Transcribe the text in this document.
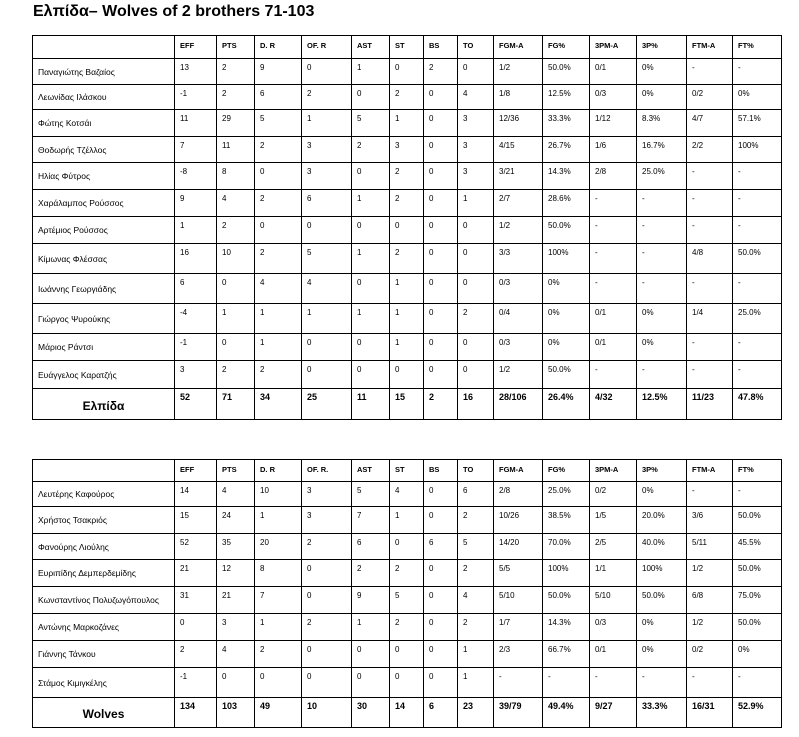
Ελπίδα– Wolves of 2 brothers 71-103
	EFF	PTS	D. R	OF. R	AST	ST	BS	TO	FGM-A	FG%	3PM-A	3P%	FTM-A	FT%
Παναγιώτης Βαζαίος	13	2	9	0	1	0	2	0	1/2	50.0%	0/1	0%	-	-
Λεωνίδας Ιλάσκου	-1	2	6	2	0	2	0	4	1/8	12.5%	0/3	0%	0/2	0%
Φώτης Κοτσάι	11	29	5	1	5	1	0	3	12/36	33.3%	1/12	8.3%	4/7	57.1%
Θοδωρής Τζέλλος	7	11	2	3	2	3	0	3	4/15	26.7%	1/6	16.7%	2/2	100%
Ηλίας Φύτρος	-8	8	0	3	0	2	0	3	3/21	14.3%	2/8	25.0%	-	-
Χαράλαμπος Ρούσσος	9	4	2	6	1	2	0	1	2/7	28.6%	-	-	-	-
Αρτέμιος Ρούσσος	1	2	0	0	0	0	0	0	1/2	50.0%	-	-	-	-
Κίμωνας Φλέσσας	16	10	2	5	1	2	0	0	3/3	100%	-	-	4/8	50.0%
Ιωάννης Γεωργιάδης	6	0	4	4	0	1	0	0	0/3	0%	-	-	-	-
Γιώργος Ψυρούκης	-4	1	1	1	1	1	0	2	0/4	0%	0/1	0%	1/4	25.0%
Μάριος Ράντσι	-1	0	1	0	0	1	0	0	0/3	0%	0/1	0%	-	-
Ευάγγελος Καρατζής	3	2	2	0	0	0	0	0	1/2	50.0%	-	-	-	-
Ελπίδα	52	71	34	25	11	15	2	16	28/106	26.4%	4/32	12.5%	11/23	47.8%
	EFF	PTS	D. R	OF. R.	AST	ST	BS	TO	FGM-A	FG%	3PM-A	3P%	FTM-A	FT%
Λευτέρης Καφούρος	14	4	10	3	5	4	0	6	2/8	25.0%	0/2	0%	-	-
Χρήστος Τσακριός	15	24	1	3	7	1	0	2	10/26	38.5%	1/5	20.0%	3/6	50.0%
Φανούρης Λιούλης	52	35	20	2	6	0	6	5	14/20	70.0%	2/5	40.0%	5/11	45.5%
Ευριπίδης Δεμπερδεμίδης	21	12	8	0	2	2	0	2	5/5	100%	1/1	100%	1/2	50.0%
Κωνσταντίνος Πολυζωγόπουλος	31	21	7	0	9	5	0	4	5/10	50.0%	5/10	50.0%	6/8	75.0%
Αντώνης Μαρκοζάνες	0	3	1	2	1	2	0	2	1/7	14.3%	0/3	0%	1/2	50.0%
Γιάννης Τάνκου	2	4	2	0	0	0	0	1	2/3	66.7%	0/1	0%	0/2	0%
Στάμος Κιμιγκέλης	-1	0	0	0	0	0	0	1	-	-	-	-	-	-
Wolves	134	103	49	10	30	14	6	23	39/79	49.4%	9/27	33.3%	16/31	52.9%
